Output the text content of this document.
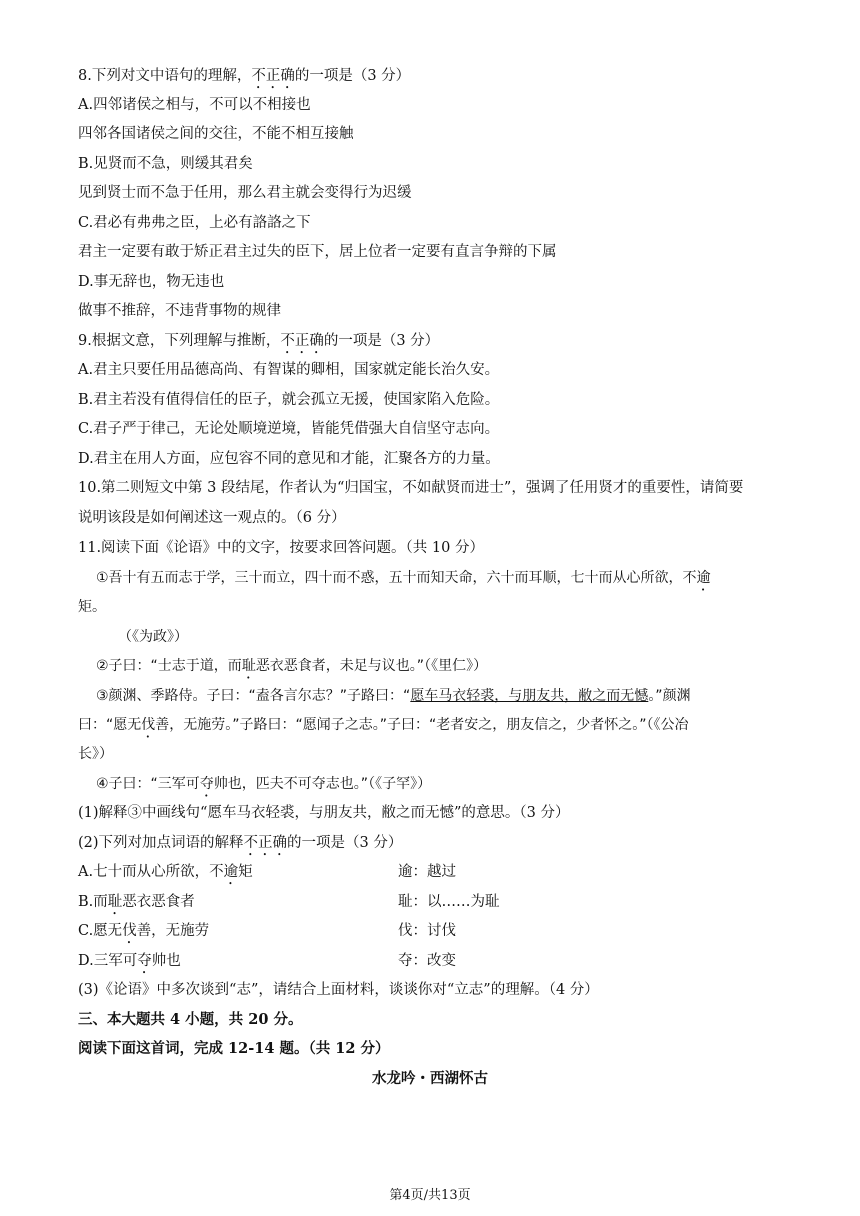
8.下列对文中语句的理解，不正确的一项是（3 分）
A.四邻诸侯之相与，不可以不相接也
四邻各国诸侯之间的交往，不能不相互接触
B.见贤而不急，则缓其君矣
见到贤士而不急于任用，那么君主就会变得行为迟缓
C.君必有弗弗之臣，上必有詻詻之下
君主一定要有敢于矫正君主过失的臣下，居上位者一定要有直言争辩的下属
D.事无辞也，物无违也
做事不推辞，不违背事物的规律
9.根据文意，下列理解与推断，不正确的一项是（3 分）
A.君主只要任用品德高尚、有智谋的卿相，国家就定能长治久安。
B.君主若没有值得信任的臣子，就会孤立无援，使国家陷入危险。
C.君子严于律己，无论处顺境逆境，皆能凭借强大自信坚守志向。
D.君主在用人方面，应包容不同的意见和才能，汇聚各方的力量。
10.第二则短文中第 3 段结尾，作者认为“归国宝，不如献贤而进士”，强调了任用贤才的重要性，请简要
说明该段是如何阐述这一观点的。（6 分）
11.阅读下面《论语》中的文字，按要求回答问题。（共 10 分）
①吾十有五而志于学，三十而立，四十而不惑，五十而知天命，六十而耳顺，七十而从心所欲，不逾
矩。
（《为政》）
②子曰：“士志于道，而耻恶衣恶食者，未足与议也。”（《里仁》）
③颜渊、季路侍。子曰：“盍各言尔志？”子路曰：“愿车马衣轻裘，与朋友共，敝之而无憾。”颜渊
曰：“愿无伐善，无施劳。”子路曰：“愿闻子之志。”子曰：“老者安之，朋友信之，少者怀之。”（《公冶
长》）
④子曰：“三军可夺帅也，匹夫不可夺志也。”（《子罕》）
(1)解释③中画线句“愿车马衣轻裘，与朋友共，敝之而无憾”的意思。（3 分）
(2)下列对加点词语的解释不正确的一项是（3 分）
A.七十而从心所欲，不逾矩	逾：越过
B.而耻恶衣恶食者	耻：以……为耻
C.愿无伐善，无施劳	伐：讨伐
D.三军可夺帅也	夺：改变
(3)《论语》中多次谈到“志”，请结合上面材料，谈谈你对“立志”的理解。（4 分）
三、本大题共 4 小题，共 20 分。
阅读下面这首词，完成 12-14 题。（共 12 分）
水龙吟・西湖怀古
第4页/共13页
